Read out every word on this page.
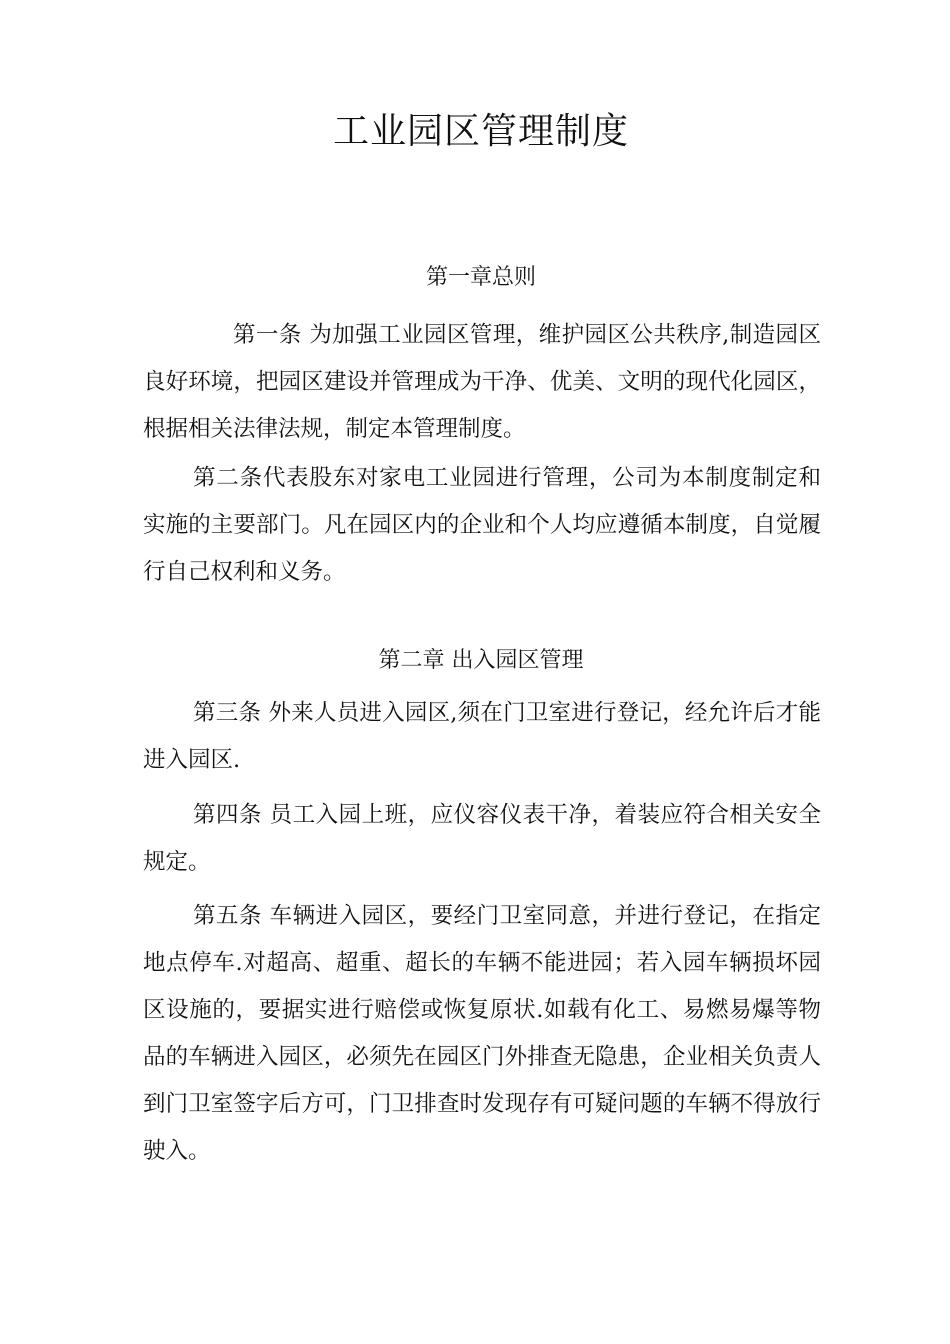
工业园区管理制度
第一章总则

第一条 为加强工业园区管理，维护园区公共秩序,制造园区良好环境，把园区建设并管理成为干净、优美、文明的现代化园区，根据相关法律法规，制定本管理制度。

第二条代表股东对家电工业园进行管理，公司为本制度制定和实施的主要部门。凡在园区内的企业和个人均应遵循本制度，自觉履行自己权利和义务。

第二章 出入园区管理

第三条 外来人员进入园区,须在门卫室进行登记，经允许后才能进入园区.

第四条 员工入园上班，应仪容仪表干净，着装应符合相关安全规定。

第五条 车辆进入园区，要经门卫室同意，并进行登记，在指定地点停车.对超高、超重、超长的车辆不能进园；若入园车辆损坏园区设施的，要据实进行赔偿或恢复原状.如载有化工、易燃易爆等物品的车辆进入园区，必须先在园区门外排查无隐患，企业相关负责人到门卫室签字后方可，门卫排查时发现存有可疑问题的车辆不得放行驶入。
